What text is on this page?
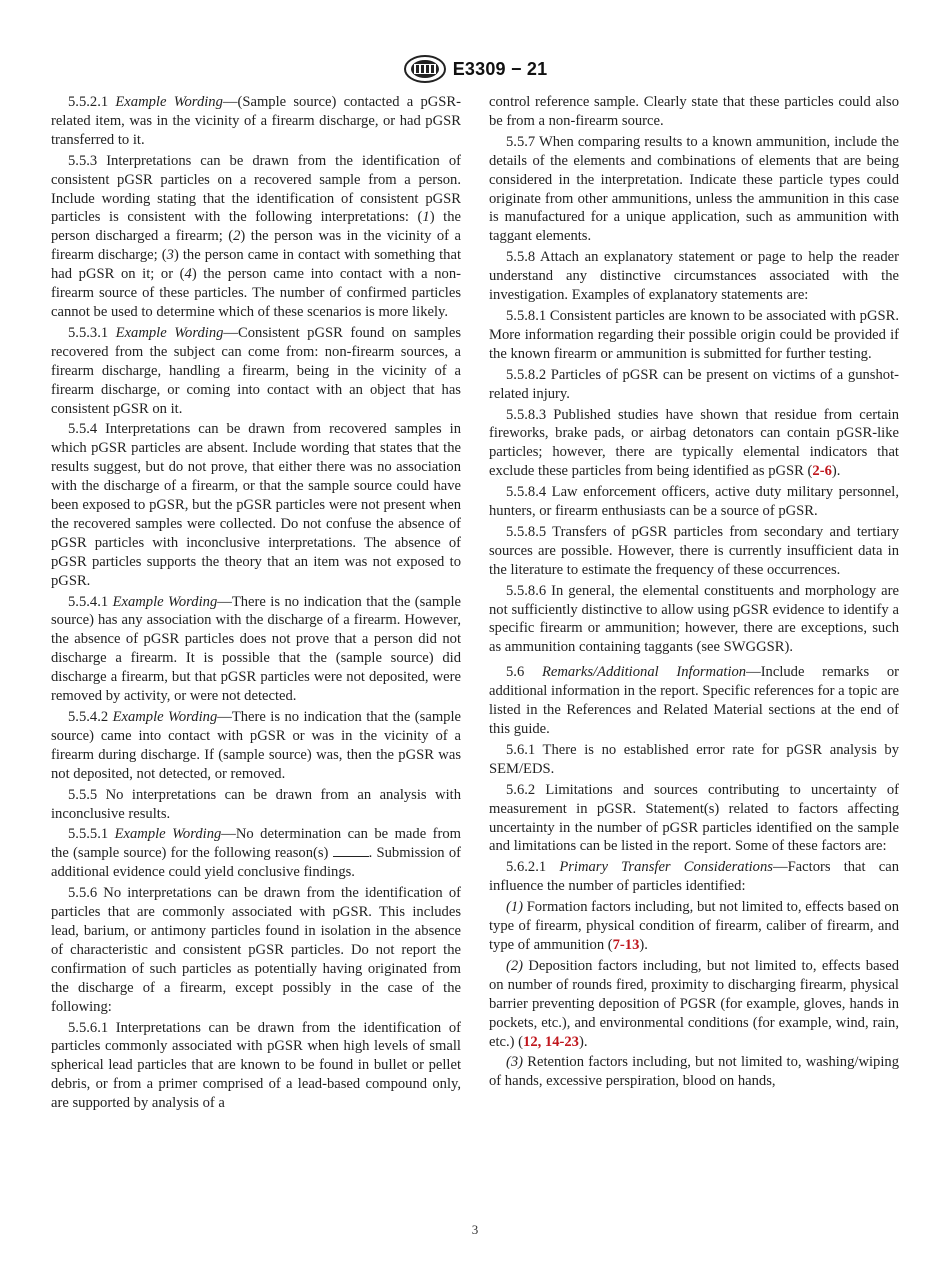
E3309 − 21

5.5.2.1 Example Wording—(Sample source) contacted a pGSR-related item, was in the vicinity of a firearm discharge, or had pGSR transferred to it.

5.5.3 Interpretations can be drawn from the identification of consistent pGSR particles on a recovered sample from a person. Include wording stating that the identification of consistent pGSR particles is consistent with the following interpretations: (1) the person discharged a firearm; (2) the person was in the vicinity of a firearm discharge; (3) the person came in contact with something that had pGSR on it; or (4) the person came into contact with a non-firearm source of these particles. The number of confirmed particles cannot be used to determine which of these scenarios is more likely.

5.5.3.1 Example Wording—Consistent pGSR found on samples recovered from the subject can come from: non-firearm sources, a firearm discharge, handling a firearm, being in the vicinity of a firearm discharge, or coming into contact with an object that has consistent pGSR on it.

5.5.4 Interpretations can be drawn from recovered samples in which pGSR particles are absent. Include wording that states that the results suggest, but do not prove, that either there was no association with the discharge of a firearm, or that the sample source could have been exposed to pGSR, but the pGSR particles were not present when the recovered samples were collected. Do not confuse the absence of pGSR particles with inconclusive interpretations. The absence of pGSR particles supports the theory that an item was not exposed to pGSR.

5.5.4.1 Example Wording—There is no indication that the (sample source) has any association with the discharge of a firearm. However, the absence of pGSR particles does not prove that a person did not discharge a firearm. It is possible that the (sample source) did discharge a firearm, but that pGSR particles were not deposited, were removed by activity, or were not detected.

5.5.4.2 Example Wording—There is no indication that the (sample source) came into contact with pGSR or was in the vicinity of a firearm during discharge. If (sample source) was, then the pGSR was not deposited, not detected, or removed.

5.5.5 No interpretations can be drawn from an analysis with inconclusive results.

5.5.5.1 Example Wording—No determination can be made from the (sample source) for the following reason(s) . Submission of additional evidence could yield conclusive findings.

5.5.6 No interpretations can be drawn from the identification of particles that are commonly associated with pGSR. This includes lead, barium, or antimony particles found in isolation in the absence of characteristic and consistent pGSR particles. Do not report the confirmation of such particles as potentially having originated from the discharge of a firearm, except possibly in the case of the following:

5.5.6.1 Interpretations can be drawn from the identification of particles commonly associated with pGSR when high levels of small spherical lead particles that are known to be found in bullet or pellet debris, or from a primer comprised of a lead-based compound only, are supported by analysis of a

control reference sample. Clearly state that these particles could also be from a non-firearm source.

5.5.7 When comparing results to a known ammunition, include the details of the elements and combinations of elements that are being considered in the interpretation. Indicate these particle types could originate from other ammunitions, unless the ammunition in this case is manufactured for a unique application, such as ammunition with taggant elements.

5.5.8 Attach an explanatory statement or page to help the reader understand any distinctive circumstances associated with the investigation. Examples of explanatory statements are:

5.5.8.1 Consistent particles are known to be associated with pGSR. More information regarding their possible origin could be provided if the known firearm or ammunition is submitted for further testing.

5.5.8.2 Particles of pGSR can be present on victims of a gunshot-related injury.

5.5.8.3 Published studies have shown that residue from certain fireworks, brake pads, or airbag detonators can contain pGSR-like particles; however, there are typically elemental indicators that exclude these particles from being identified as pGSR (2-6).

5.5.8.4 Law enforcement officers, active duty military personnel, hunters, or firearm enthusiasts can be a source of pGSR.

5.5.8.5 Transfers of pGSR particles from secondary and tertiary sources are possible. However, there is currently insufficient data in the literature to estimate the frequency of these occurrences.

5.5.8.6 In general, the elemental constituents and morphology are not sufficiently distinctive to allow using pGSR evidence to identify a specific firearm or ammunition; however, there are exceptions, such as ammunition containing taggants (see SWGGSR).

5.6 Remarks/Additional Information—Include remarks or additional information in the report. Specific references for a topic are listed in the References and Related Material sections at the end of this guide.

5.6.1 There is no established error rate for pGSR analysis by SEM/EDS.

5.6.2 Limitations and sources contributing to uncertainty of measurement in pGSR. Statement(s) related to factors affecting uncertainty in the number of pGSR particles identified on the sample and limitations can be listed in the report. Some of these factors are:

5.6.2.1 Primary Transfer Considerations—Factors that can influence the number of particles identified:

(1) Formation factors including, but not limited to, effects based on type of firearm, physical condition of firearm, caliber of firearm, and type of ammunition (7-13).

(2) Deposition factors including, but not limited to, effects based on number of rounds fired, proximity to discharging firearm, physical barrier preventing deposition of PGSR (for example, gloves, hands in pockets, etc.), and environmental conditions (for example, wind, rain, etc.) (12, 14-23).

(3) Retention factors including, but not limited to, washing/wiping of hands, excessive perspiration, blood on hands,

3
